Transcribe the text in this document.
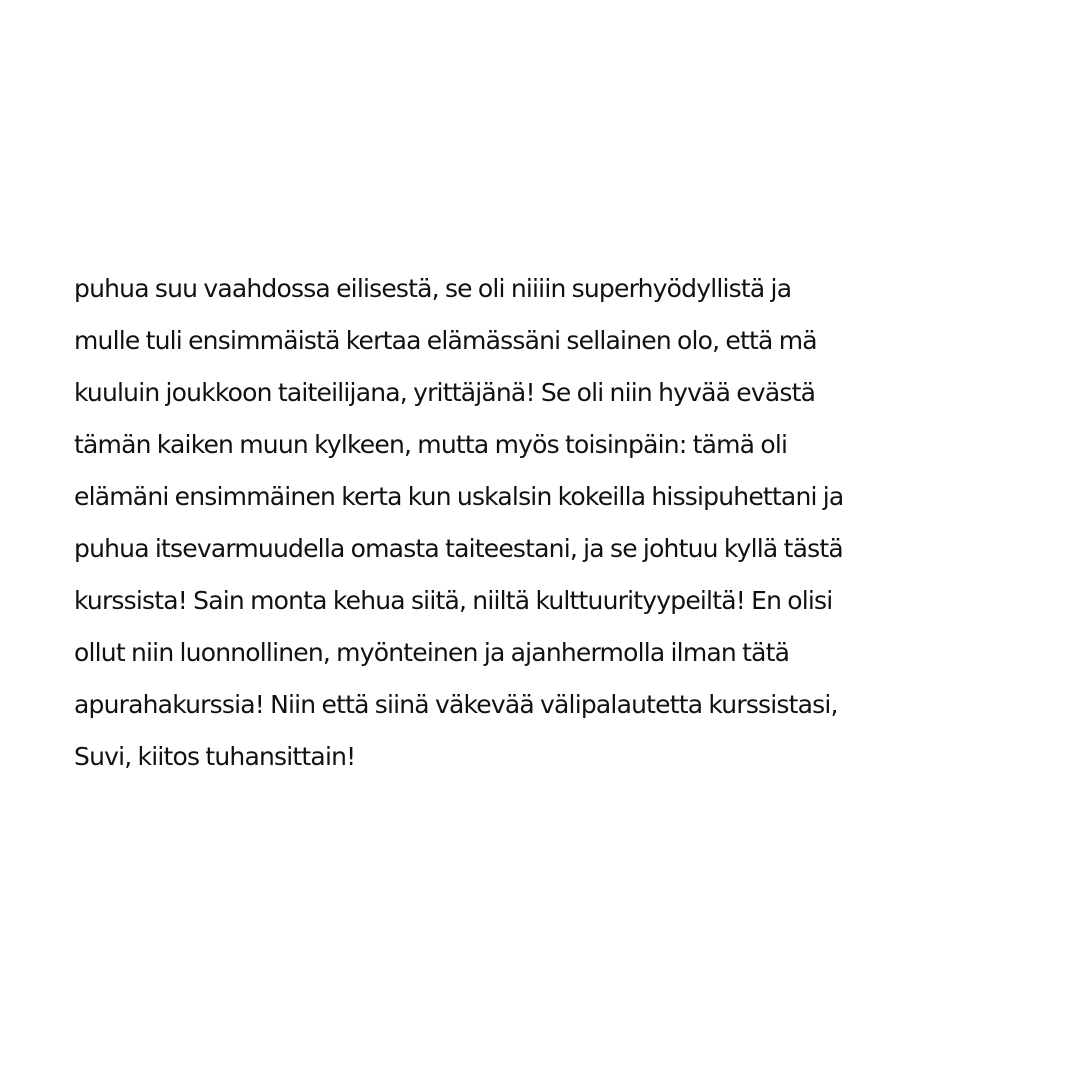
puhua suu vaahdossa eilisestä, se oli niiiin superhyödyllistä ja
mulle tuli ensimmäistä kertaa elämässäni sellainen olo, että mä
kuuluin joukkoon taiteilijana, yrittäjänä! Se oli niin hyvää evästä
tämän kaiken muun kylkeen, mutta myös toisinpäin: tämä oli
elämäni ensimmäinen kerta kun uskalsin kokeilla hissipuhettani ja
puhua itsevarmuudella omasta taiteestani, ja se johtuu kyllä tästä
kurssista! Sain monta kehua siitä, niiltä kulttuurityypeiltä! En olisi
ollut niin luonnollinen, myönteinen ja ajanhermolla ilman tätä
apurahakurssia! Niin että siinä väkevää välipalautetta kurssistasi,
Suvi, kiitos tuhansittain!
